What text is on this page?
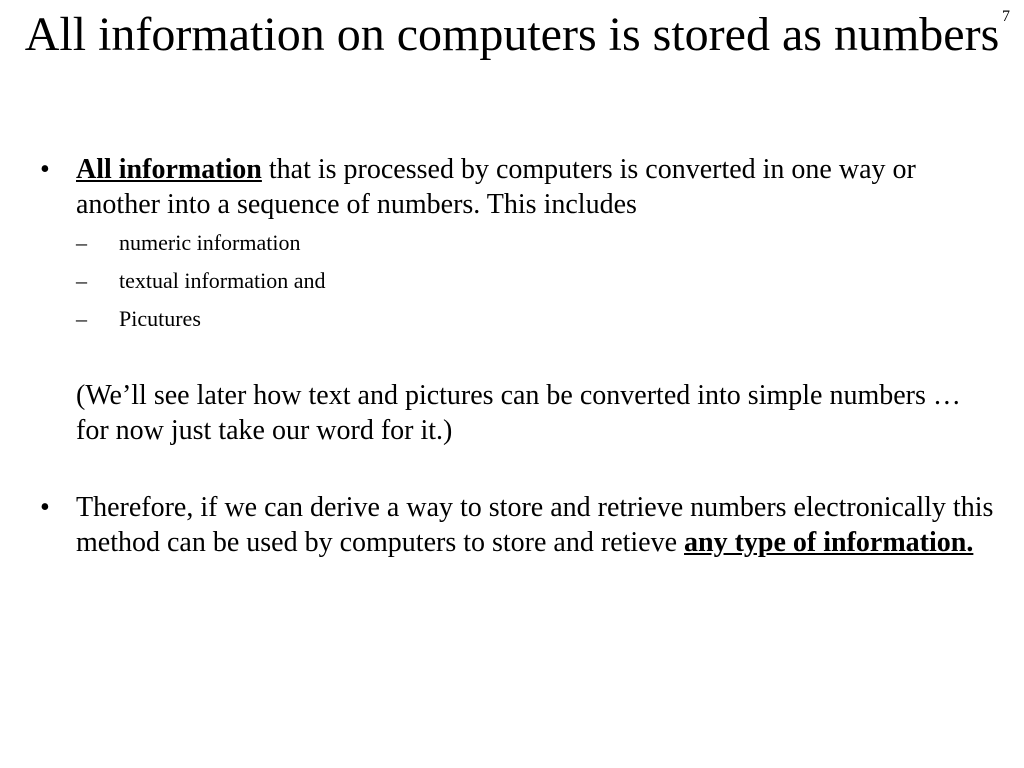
7
All information on computers is stored as numbers
• All information that is processed by computers is converted in one way or another into a sequence of numbers. This includes
– numeric information
– textual information and
– Picutures
(We’ll see later how text and pictures can be converted into simple numbers … for now just take our word for it.)
• Therefore, if we can derive a way to store and retrieve numbers electronically this method can be used by computers to store and retieve any type of information.
